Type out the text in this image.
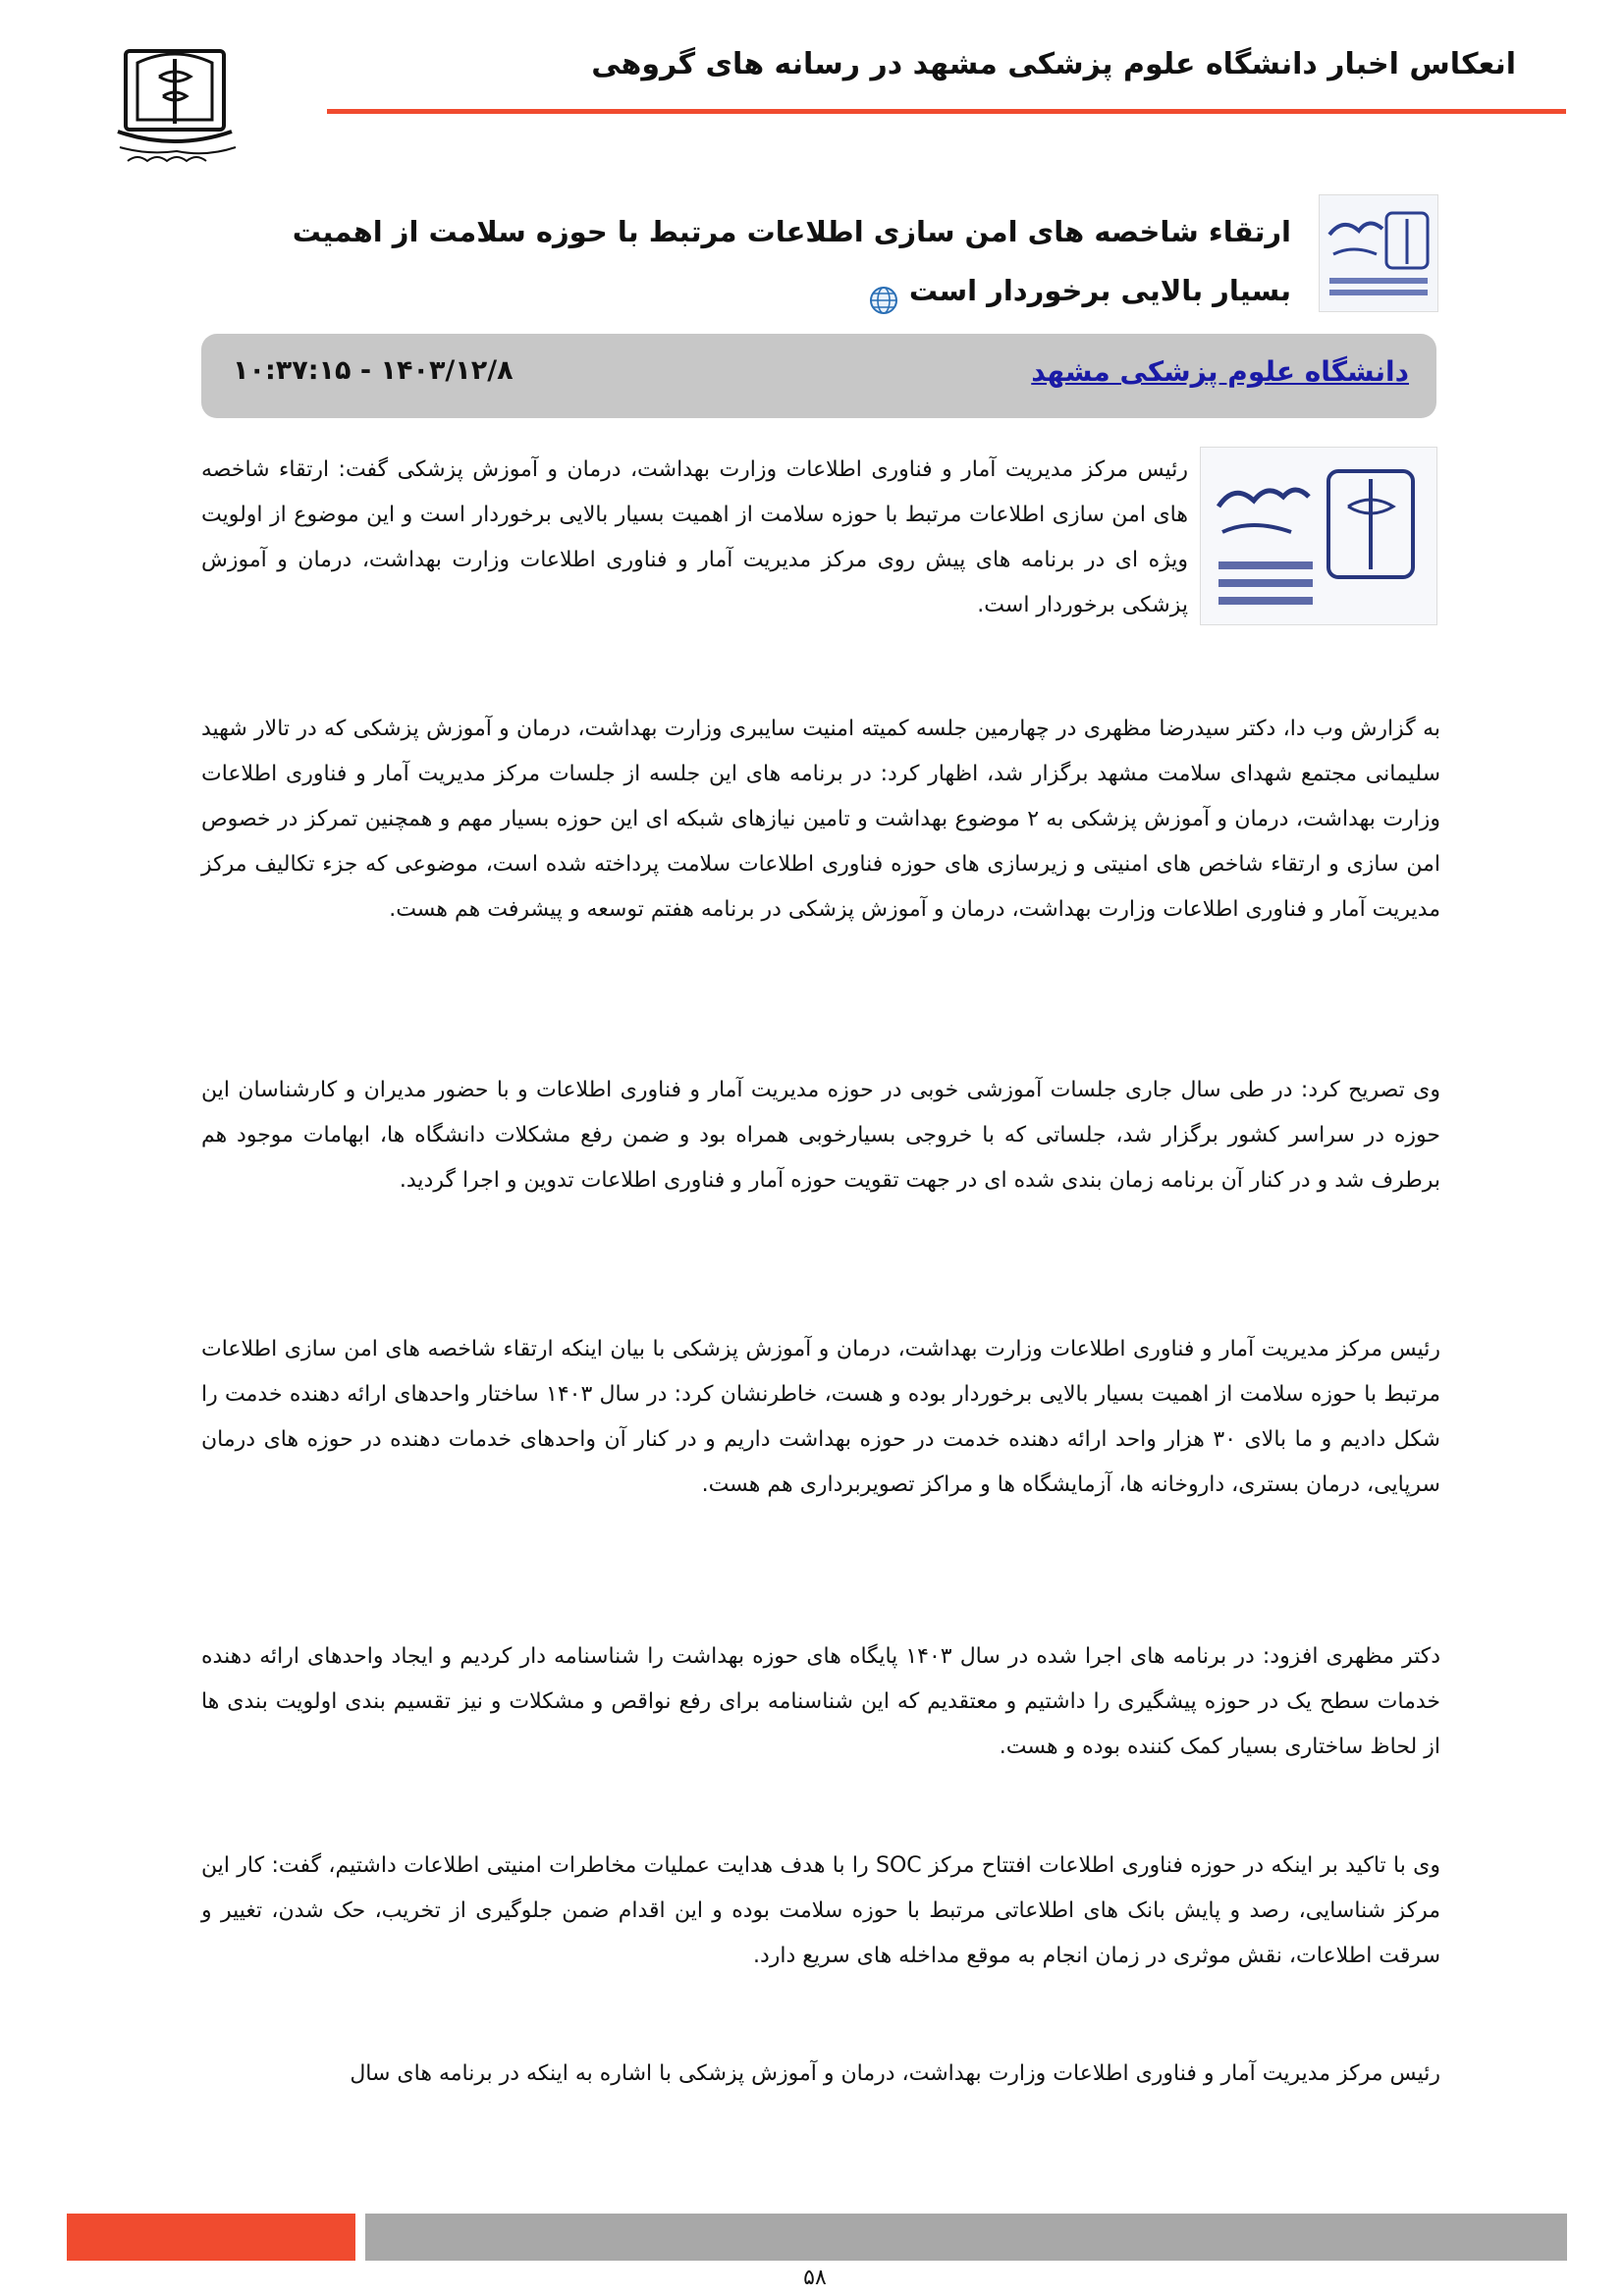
انعکاس اخبار دانشگاه علوم پزشکی مشهد در رسانه های گروهی
ارتقاء شاخصه های امن سازی اطلاعات مرتبط با حوزه سلامت از اهمیت بسیار بالایی برخوردار است
دانشگاه علوم پزشکی مشهد
۱۴۰۳/۱۲/۸ - ۱۰:۳۷:۱۵
رئیس مرکز مدیریت آمار و فناوری اطلاعات وزارت بهداشت، درمان و آموزش پزشکی گفت: ارتقاء شاخصه های امن سازی اطلاعات مرتبط با حوزه سلامت از اهمیت بسیار بالایی برخوردار است و این موضوع از اولویت ویژه ای در برنامه های پیش روی مرکز مدیریت آمار و فناوری اطلاعات وزارت بهداشت، درمان و آموزش پزشکی برخوردار است.
به گزارش وب دا، دکتر سیدرضا مظهری در چهارمین جلسه کمیته امنیت سایبری وزارت بهداشت، درمان و آموزش پزشکی که در تالار شهید سلیمانی مجتمع شهدای سلامت مشهد برگزار شد، اظهار کرد: در برنامه های این جلسه از جلسات مرکز مدیریت آمار و فناوری اطلاعات وزارت بهداشت، درمان و آموزش پزشکی به ۲ موضوع بهداشت و تامین نیازهای شبکه ای این حوزه بسیار مهم و همچنین تمرکز در خصوص امن سازی و ارتقاء شاخص های امنیتی و زیرسازی های حوزه فناوری اطلاعات سلامت پرداخته شده است، موضوعی که جزء تکالیف مرکز مدیریت آمار و فناوری اطلاعات وزارت بهداشت، درمان و آموزش پزشکی در برنامه هفتم توسعه و پیشرفت هم هست.
وی تصریح کرد: در طی سال جاری جلسات آموزشی خوبی در حوزه مدیریت آمار و فناوری اطلاعات و با حضور مدیران و کارشناسان این حوزه در سراسر کشور برگزار شد، جلساتی که با خروجی بسیارخوبی همراه بود و ضمن رفع مشکلات دانشگاه ها، ابهامات موجود هم برطرف شد و در کنار آن برنامه زمان بندی شده ای در جهت تقویت حوزه آمار و فناوری اطلاعات تدوین و اجرا گردید.
رئیس مرکز مدیریت آمار و فناوری اطلاعات وزارت بهداشت، درمان و آموزش پزشکی با بیان اینکه ارتقاء شاخصه های امن سازی اطلاعات مرتبط با حوزه سلامت از اهمیت بسیار بالایی برخوردار بوده و هست، خاطرنشان کرد: در سال ۱۴۰۳ ساختار واحدهای ارائه دهنده خدمت را شکل دادیم و ما بالای ۳۰ هزار واحد ارائه دهنده خدمت در حوزه بهداشت داریم و در کنار آن واحدهای خدمات دهنده در حوزه های درمان سرپایی، درمان بستری، داروخانه ها، آزمایشگاه ها و مراکز تصویربرداری هم هست.
دکتر مظهری افزود: در برنامه های اجرا شده در سال ۱۴۰۳ پایگاه های حوزه بهداشت را شناسنامه دار کردیم و ایجاد واحدهای ارائه دهنده خدمات سطح یک در حوزه پیشگیری را داشتیم و معتقدیم که این شناسنامه برای رفع نواقص و مشکلات و نیز تقسیم بندی اولویت بندی ها از لحاظ ساختاری بسیار کمک کننده بوده و هست.
وی با تاکید بر اینکه در حوزه فناوری اطلاعات افتتاح مرکز SOC را با هدف هدایت عملیات مخاطرات امنیتی اطلاعات داشتیم، گفت: کار این مرکز شناسایی، رصد و پایش بانک های اطلاعاتی مرتبط با حوزه سلامت بوده و این اقدام ضمن جلوگیری از تخریب، حک شدن، تغییر و سرقت اطلاعات، نقش موثری در زمان انجام به موقع مداخله های سریع دارد.
رئیس مرکز مدیریت آمار و فناوری اطلاعات وزارت بهداشت، درمان و آموزش پزشکی با اشاره به اینکه در برنامه های سال
۵۸
